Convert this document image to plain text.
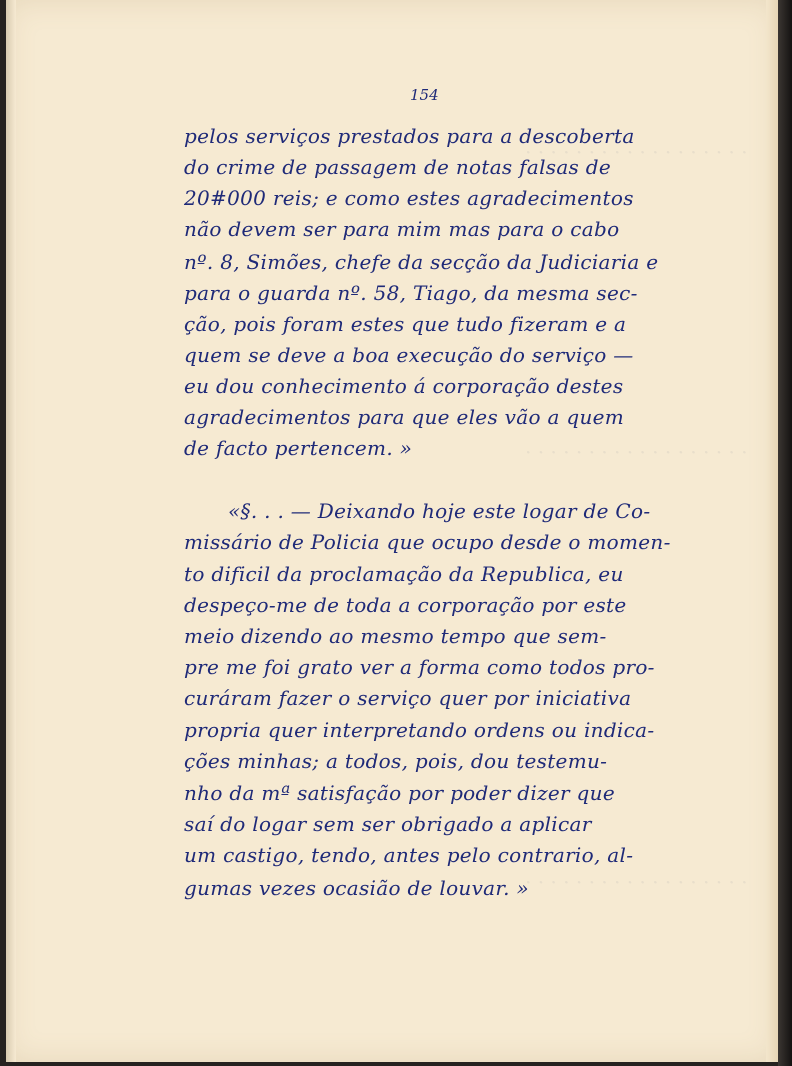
· · · · · · · · · · · · · · · · · ·
· · · · · · · · · · · · · · · · · ·
· · · · · · · · · · · · · · · · · ·
154
pelos serviços prestados para a descoberta
do crime de passagem de notas falsas de
20#000 reis; e como estes agradecimentos
não devem ser para mim mas para o cabo
nº. 8, Simões, chefe da secção da Judiciaria e
para o guarda nº. 58, Tiago, da mesma sec-
ção, pois foram estes que tudo fizeram e a
quem se deve a boa execução do serviço —
eu dou conhecimento á corporação destes
agradecimentos para que eles vão a quem
de facto pertencem. »
«§. . . — Deixando hoje este logar de Co-
missário de Policia que ocupo desde o momen-
to dificil da proclamação da Republica, eu
despeço-me de toda a corporação por este
meio dizendo ao mesmo tempo que sem-
pre me foi grato ver a forma como todos pro-
curáram fazer o serviço quer por iniciativa
propria quer interpretando ordens ou indica-
ções minhas; a todos, pois, dou testemu-
nho da mª satisfação por poder dizer que
saí do logar sem ser obrigado a aplicar
um castigo, tendo, antes pelo contrario, al-
gumas vezes ocasião de louvar. »
